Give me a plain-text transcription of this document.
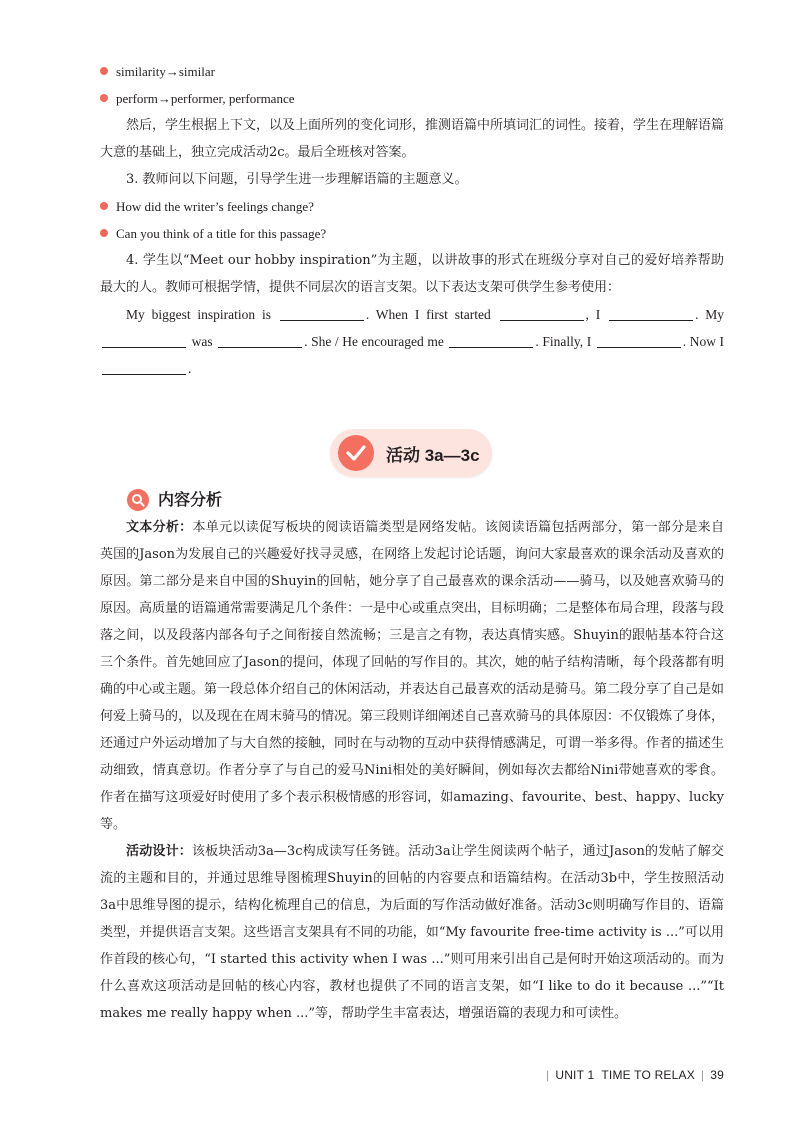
similarity→similar
perform→performer, performance

然后，学生根据上下文，以及上面所列的变化词形，推测语篇中所填词汇的词性。接着，学生在理解语篇大意的基础上，独立完成活动2c。最后全班核对答案。

3. 教师问以下问题，引导学生进一步理解语篇的主题意义。

How did the writer’s feelings change?
Can you think of a title for this passage?

4. 学生以“Meet our hobby inspiration”为主题，以讲故事的形式在班级分享对自己的爱好培养帮助最大的人。教师可根据学情，提供不同层次的语言支架。以下表达支架可供学生参考使用：

My biggest inspiration is	. When I first started	, I	. My  was	. She / He encouraged me	. Finally, I	. Now I .

活动 3a—3c
内容分析

文本分析：本单元以读促写板块的阅读语篇类型是网络发帖。该阅读语篇包括两部分，第一部分是来自英国的Jason为发展自己的兴趣爱好找寻灵感，在网络上发起讨论话题，询问大家最喜欢的课余活动及喜欢的原因。第二部分是来自中国的Shuyin的回帖，她分享了自己最喜欢的课余活动——骑马，以及她喜欢骑马的原因。高质量的语篇通常需要满足几个条件：一是中心或重点突出，目标明确；二是整体布局合理，段落与段落之间，以及段落内部各句子之间衔接自然流畅；三是言之有物，表达真情实感。Shuyin的跟帖基本符合这三个条件。首先她回应了Jason的提问，体现了回帖的写作目的。其次，她的帖子结构清晰，每个段落都有明确的中心或主题。第一段总体介绍自己的休闲活动，并表达自己最喜欢的活动是骑马。第二段分享了自己是如何爱上骑马的，以及现在在周末骑马的情况。第三段则详细阐述自己喜欢骑马的具体原因：不仅锻炼了身体，还通过户外运动增加了与大自然的接触，同时在与动物的互动中获得情感满足，可谓一举多得。作者的描述生动细致，情真意切。作者分享了与自己的爱马Nini相处的美好瞬间，例如每次去都给Nini带她喜欢的零食。作者在描写这项爱好时使用了多个表示积极情感的形容词，如amazing、favourite、best、happy、lucky等。

活动设计：该板块活动3a—3c构成读写任务链。活动3a让学生阅读两个帖子，通过Jason的发帖了解交流的主题和目的，并通过思维导图梳理Shuyin的回帖的内容要点和语篇结构。在活动3b中，学生按照活动3a中思维导图的提示，结构化梳理自己的信息，为后面的写作活动做好准备。活动3c则明确写作目的、语篇类型，并提供语言支架。这些语言支架具有不同的功能，如“My favourite free-time activity is ...”可以用作首段的核心句，“I started this activity when I was ...”则可用来引出自己是何时开始这项活动的。而为什么喜欢这项活动是回帖的核心内容，教材也提供了不同的语言支架，如“I like to do it because ...”“It makes me really happy when ...”等，帮助学生丰富表达，增强语篇的表现力和可读性。

| UNIT 1 TIME TO RELAX | 39
